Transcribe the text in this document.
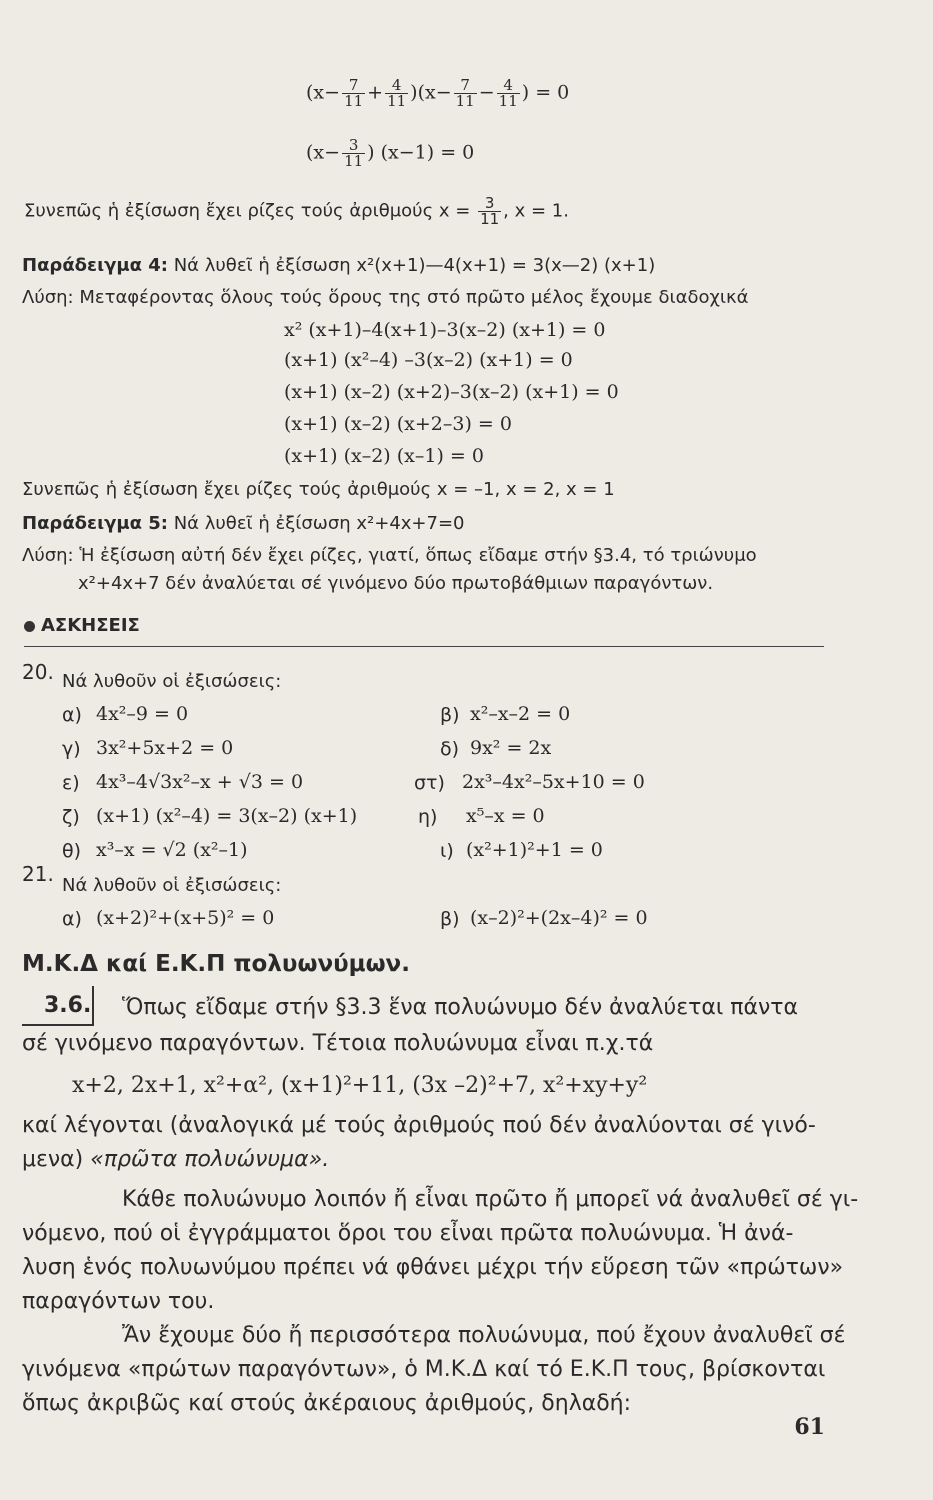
$(x- \frac{7}{11} + \frac{4}{11} )(x- \frac{7}{11} - \frac{4}{11}$ ) = 0
($x- \frac{3}{11}$ ) (x−1) = 0
Συνεπῶς ἡ ἐξίσωση ἔχει ρίζες τούς ἀριθμούς $x = \frac{3}{11}$ , x = 1.
Παράδειγμα 4: Νά λυθεῖ ἡ ἐξίσωση x²(x+1)—4(x+1) = 3(x—2) (x+1)
Λύση: Μεταφέροντας ὅλους τούς ὅρους της στό πρῶτο μέλος ἔχουμε διαδοχικά
x² (x+1)–4(x+1)–3(x–2) (x+1) = 0
(x+1) (x²–4) –3(x–2) (x+1) = 0
(x+1) (x–2) (x+2)–3(x–2) (x+1) = 0
(x+1) (x–2) (x+2–3) = 0
(x+1) (x–2) (x–1) = 0
Συνεπῶς ἡ ἐξίσωση ἔχει ρίζες τούς ἀριθμούς x = –1, x = 2, x = 1
Παράδειγμα 5: Νά λυθεῖ ἡ ἐξίσωση x²+4x+7=0
Λύση: Ἡ ἐξίσωση αὐτή δέν ἔχει ρίζες, γιατί, ὅπως εἴδαμε στήν §3.4, τό τριώνυμο
x²+4x+7 δέν ἀναλύεται σέ γινόμενο δύο πρωτοβάθμιων παραγόντων.
ΑΣΚΗΣΕΙΣ
20. Νά λυθοῦν οἱ ἐξισώσεις:
α) 4x²–9 = 0	β) x²–x–2 = 0
γ) 3x²+5x+2 = 0	δ) 9x² = 2x
ε) 4x³–4√3x²–x + √3 = 0	στ) 2x³–4x²–5x+10 = 0
ζ) (x+1) (x²–4) = 3(x–2) (x+1)	η) x⁵–x = 0
θ) x³–x = √2 (x²–1)	ι) (x²+1)²+1 = 0
21. Νά λυθοῦν οἱ ἐξισώσεις:
α) (x+2)²+(x+5)² = 0	β) (x–2)²+(2x–4)² = 0
Μ.Κ.Δ καί Ε.Κ.Π πολυωνύμων.
3.6. Ὅπως εἴδαμε στήν §3.3 ἕνα πολυώνυμο δέν ἀναλύεται πάντα
σέ γινόμενο παραγόντων. Τέτοια πολυώνυμα εἶναι π.χ.τά
x+2, 2x+1, x²+α², (x+1)²+11, (3x –2)²+7, x²+xy+y²
καί λέγονται (ἀναλογικά μέ τούς ἀριθμούς πού δέν ἀναλύονται σέ γινό-
μενα) «πρῶτα πολυώνυμα».
Κάθε πολυώνυμο λοιπόν ἤ εἶναι πρῶτο ἤ μπορεῖ νά ἀναλυθεῖ σέ γι-
νόμενο, πού οἱ ἐγγράμματοι ὅροι του εἶναι πρῶτα πολυώνυμα. Ἡ ἀνά-
λυση ἑνός πολυωνύμου πρέπει νά φθάνει μέχρι τήν εὕρεση τῶν «πρώτων»
παραγόντων του.
Ἄν ἔχουμε δύο ἤ περισσότερα πολυώνυμα, πού ἔχουν ἀναλυθεῖ σέ
γινόμενα «πρώτων παραγόντων», ὁ Μ.Κ.Δ καί τό Ε.Κ.Π τους, βρίσκονται
ὅπως ἀκριβῶς καί στούς ἀκέραιους ἀριθμούς, δηλαδή:
61
